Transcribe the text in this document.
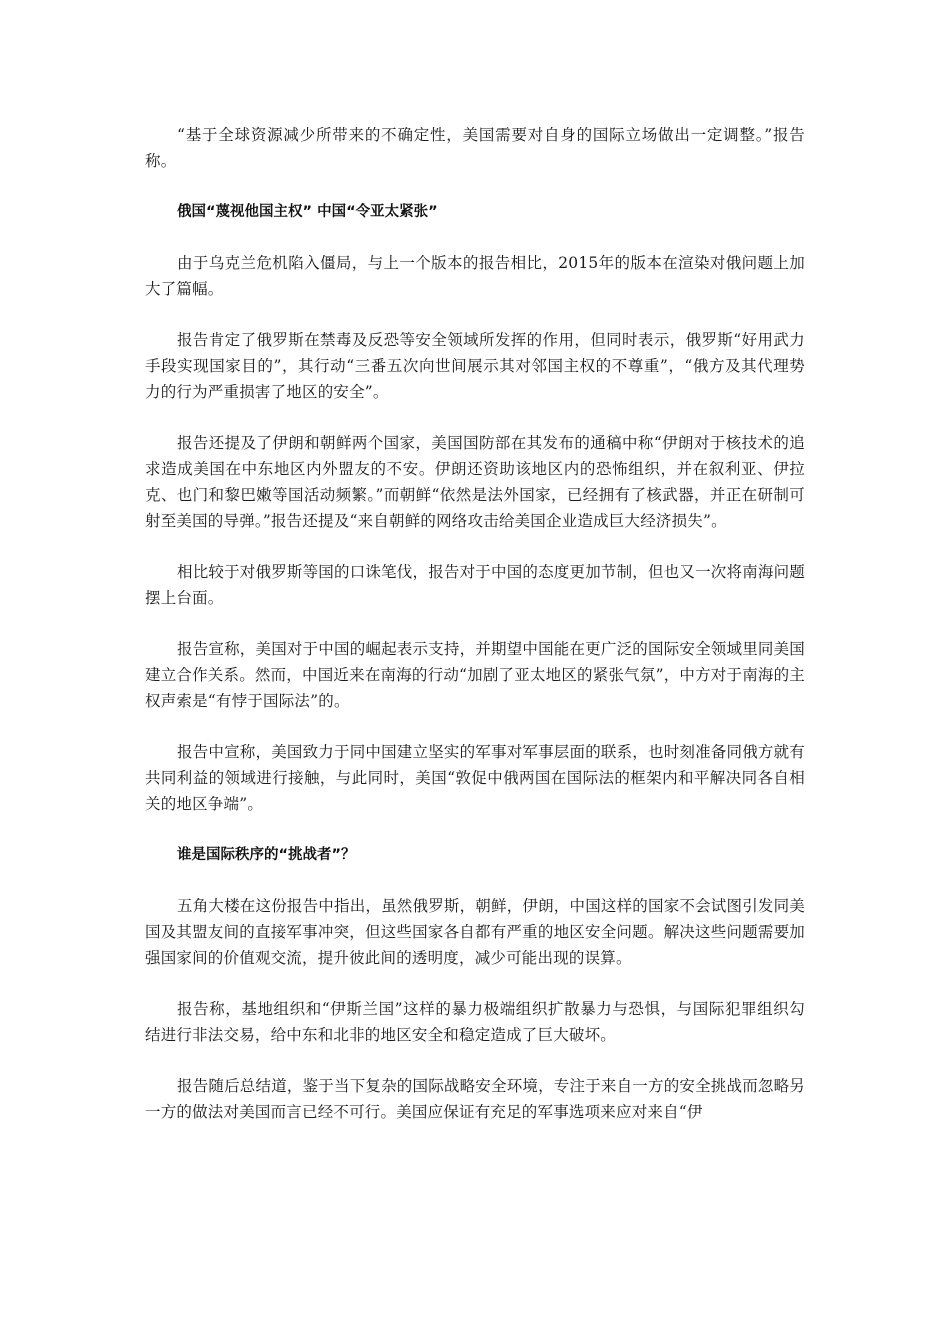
“基于全球资源减少所带来的不确定性，美国需要对自身的国际立场做出一定调整。”报告称。

俄国“蔑视他国主权” 中国“令亚太紧张”

由于乌克兰危机陷入僵局，与上一个版本的报告相比，2015年的版本在渲染对俄问题上加大了篇幅。

报告肯定了俄罗斯在禁毒及反恐等安全领域所发挥的作用，但同时表示，俄罗斯“好用武力手段实现国家目的”，其行动“三番五次向世间展示其对邻国主权的不尊重”，“俄方及其代理势力的行为严重损害了地区的安全”。

报告还提及了伊朗和朝鲜两个国家，美国国防部在其发布的通稿中称“伊朗对于核技术的追求造成美国在中东地区内外盟友的不安。伊朗还资助该地区内的恐怖组织，并在叙利亚、伊拉克、也门和黎巴嫩等国活动频繁。”而朝鲜“依然是法外国家，已经拥有了核武器，并正在研制可射至美国的导弹。”报告还提及“来自朝鲜的网络攻击给美国企业造成巨大经济损失”。

相比较于对俄罗斯等国的口诛笔伐，报告对于中国的态度更加节制，但也又一次将南海问题摆上台面。

报告宣称，美国对于中国的崛起表示支持，并期望中国能在更广泛的国际安全领域里同美国建立合作关系。然而，中国近来在南海的行动“加剧了亚太地区的紧张气氛”，中方对于南海的主权声索是“有悖于国际法”的。

报告中宣称，美国致力于同中国建立坚实的军事对军事层面的联系，也时刻准备同俄方就有共同利益的领域进行接触，与此同时，美国“敦促中俄两国在国际法的框架内和平解决同各自相关的地区争端”。

谁是国际秩序的“挑战者”？

五角大楼在这份报告中指出，虽然俄罗斯，朝鲜，伊朗，中国这样的国家不会试图引发同美国及其盟友间的直接军事冲突，但这些国家各自都有严重的地区安全问题。解决这些问题需要加强国家间的价值观交流，提升彼此间的透明度，减少可能出现的误算。

报告称，基地组织和“伊斯兰国”这样的暴力极端组织扩散暴力与恐惧，与国际犯罪组织勾结进行非法交易，给中东和北非的地区安全和稳定造成了巨大破坏。

报告随后总结道，鉴于当下复杂的国际战略安全环境，专注于来自一方的安全挑战而忽略另一方的做法对美国而言已经不可行。美国应保证有充足的军事选项来应对来自“伊
